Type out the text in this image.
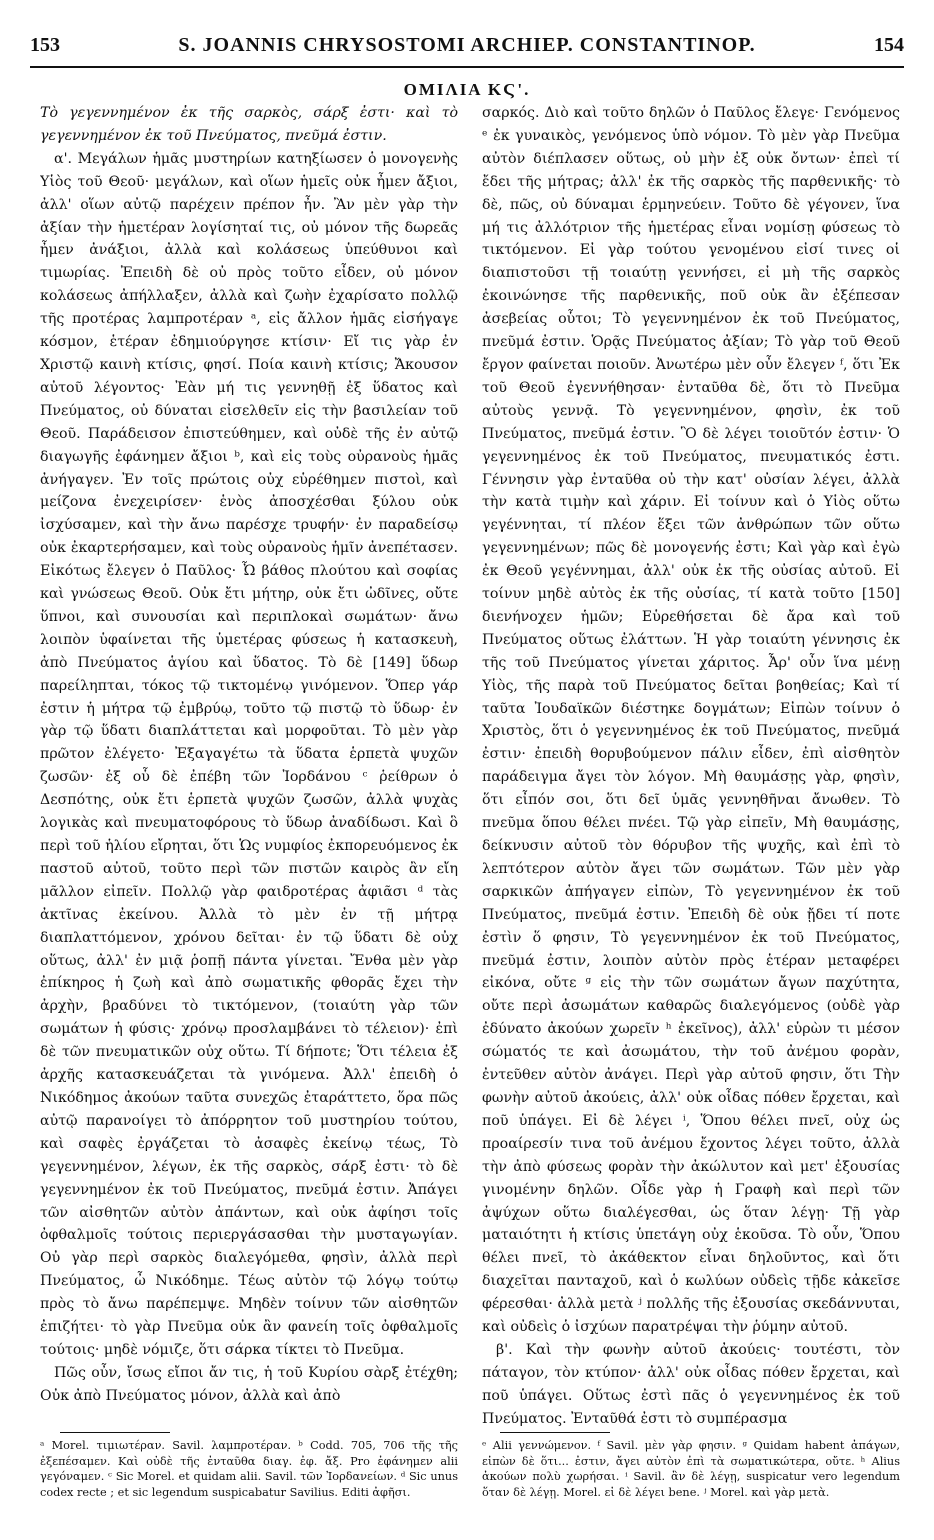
153	S. JOANNIS CHRYSOSTOMI ARCHIEP. CONSTANTINOP.	154
ΟΜΙΛΙΑ ΚϚ'.

Τὸ γεγεννημένον ἐκ τῆς σαρκὸς, σάρξ ἐστι· καὶ τὸ γεγεννημένον ἐκ τοῦ Πνεύματος, πνεῦμά ἐστιν.

α'. Μεγάλων ἡμᾶς μυστηρίων κατηξίωσεν ὁ μονογενὴς Υἱὸς τοῦ Θεοῦ· μεγάλων, καὶ οἵων ἡμεῖς οὐκ ἦμεν ἄξιοι, ἀλλ' οἵων αὐτῷ παρέχειν πρέπον ἦν. Ἂν μὲν γὰρ τὴν ἀξίαν τὴν ἡμετέραν λογίσηταί τις, οὐ μόνον τῆς δωρεᾶς ἦμεν ἀνάξιοι, ἀλλὰ καὶ κολάσεως ὑπεύθυνοι καὶ τιμωρίας. Ἐπειδὴ δὲ οὐ πρὸς τοῦτο εἶδεν, οὐ μόνον κολάσεως ἀπήλλαξεν, ἀλλὰ καὶ ζωὴν ἐχαρίσατο πολλῷ τῆς προτέρας λαμπροτέραν ᵃ, εἰς ἄλλον ἡμᾶς εἰσήγαγε κόσμον, ἑτέραν ἐδημιούργησε κτίσιν· Εἴ τις γὰρ ἐν Χριστῷ καινὴ κτίσις, φησί. Ποία καινὴ κτίσις; Ἄκουσον αὐτοῦ λέγοντος· Ἐὰν μή τις γεννηθῇ ἐξ ὕδατος καὶ Πνεύματος, οὐ δύναται εἰσελθεῖν εἰς τὴν βασιλείαν τοῦ Θεοῦ. Παράδεισον ἐπιστεύθημεν, καὶ οὐδὲ τῆς ἐν αὐτῷ διαγωγῆς ἐφάνημεν ἄξιοι ᵇ, καὶ εἰς τοὺς οὐρανοὺς ἡμᾶς ἀνήγαγεν. Ἐν τοῖς πρώτοις οὐχ εὑρέθημεν πιστοὶ, καὶ μείζονα ἐνεχειρίσεν· ἑνὸς ἀποσχέσθαι ξύλου οὐκ ἰσχύσαμεν, καὶ τὴν ἄνω παρέσχε τρυφήν· ἐν παραδείσῳ οὐκ ἐκαρτερήσαμεν, καὶ τοὺς οὐρανοὺς ἡμῖν ἀνεπέτασεν. Εἰκότως ἔλεγεν ὁ Παῦλος· Ὦ βάθος πλούτου καὶ σοφίας καὶ γνώσεως Θεοῦ. Οὐκ ἔτι μήτηρ, οὐκ ἔτι ὠδῖνες, οὔτε ὕπνοι, καὶ συνουσίαι καὶ περιπλοκαὶ σωμάτων· ἄνω λοιπὸν ὑφαίνεται τῆς ὑμετέρας φύσεως ἡ κατασκευὴ, ἀπὸ Πνεύματος ἁγίου καὶ ὕδατος. Τὸ δὲ [149] ὕδωρ παρείληπται, τόκος τῷ τικτομένῳ γινόμενον. Ὅπερ γάρ ἐστιν ἡ μήτρα τῷ ἐμβρύῳ, τοῦτο τῷ πιστῷ τὸ ὕδωρ· ἐν γὰρ τῷ ὕδατι διαπλάττεται καὶ μορφοῦται. Τὸ μὲν γὰρ πρῶτον ἐλέγετο· Ἐξαγαγέτω τὰ ὕδατα ἑρπετὰ ψυχῶν ζωσῶν· ἐξ οὗ δὲ ἐπέβη τῶν Ἰορδάνου ᶜ ῥείθρων ὁ Δεσπότης, οὐκ ἔτι ἑρπετὰ ψυχῶν ζωσῶν, ἀλλὰ ψυχὰς λογικὰς καὶ πνευματοφόρους τὸ ὕδωρ ἀναδίδωσι. Καὶ ὃ περὶ τοῦ ἡλίου εἴρηται, ὅτι Ὡς νυμφίος ἐκπορευόμενος ἐκ παστοῦ αὐτοῦ, τοῦτο περὶ τῶν πιστῶν καιρὸς ἂν εἴη μᾶλλον εἰπεῖν. Πολλῷ γὰρ φαιδροτέρας ἀφιᾶσι ᵈ τὰς ἀκτῖνας ἐκείνου. Ἀλλὰ τὸ μὲν ἐν τῇ μήτρᾳ διαπλαττόμενον, χρόνου δεῖται· ἐν τῷ ὕδατι δὲ οὐχ οὕτως, ἀλλ' ἐν μιᾷ ῥοπῇ πάντα γίνεται. Ἔνθα μὲν γὰρ ἐπίκηρος ἡ ζωὴ καὶ ἀπὸ σωματικῆς φθορᾶς ἔχει τὴν ἀρχὴν, βραδύνει τὸ τικτόμενον, (τοιαύτη γὰρ τῶν σωμάτων ἡ φύσις· χρόνῳ προσλαμβάνει τὸ τέλειον)· ἐπὶ δὲ τῶν πνευματικῶν οὐχ οὕτω. Τί δήποτε; Ὅτι τέλεια ἐξ ἀρχῆς κατασκευάζεται τὰ γινόμενα. Ἀλλ' ἐπειδὴ ὁ Νικόδημος ἀκούων ταῦτα συνεχῶς ἐταράττετο, ὅρα πῶς αὐτῷ παρανοίγει τὸ ἀπόρρητον τοῦ μυστηρίου τούτου, καὶ σαφὲς ἐργάζεται τὸ ἀσαφὲς ἐκείνῳ τέως, Τὸ γεγεννημένον, λέγων, ἐκ τῆς σαρκὸς, σάρξ ἐστι· τὸ δὲ γεγεννημένον ἐκ τοῦ Πνεύματος, πνεῦμά ἐστιν. Ἀπάγει τῶν αἰσθητῶν αὐτὸν ἀπάντων, καὶ οὐκ ἀφίησι τοῖς ὀφθαλμοῖς τούτοις περιεργάσασθαι τὴν μυσταγωγίαν. Οὐ γὰρ περὶ σαρκὸς διαλεγόμεθα, φησὶν, ἀλλὰ περὶ Πνεύματος, ὦ Νικόδημε. Τέως αὐτὸν τῷ λόγῳ τούτῳ πρὸς τὸ ἄνω παρέπεμψε. Μηδὲν τοίνυν τῶν αἰσθητῶν ἐπιζήτει· τὸ γὰρ Πνεῦμα οὐκ ἂν φανείη τοῖς ὀφθαλμοῖς τούτοις· μηδὲ νόμιζε, ὅτι σάρκα τίκτει τὸ Πνεῦμα.

Πῶς οὖν, ἴσως εἴποι ἄν τις, ἡ τοῦ Κυρίου σὰρξ ἐτέχθη; Οὐκ ἀπὸ Πνεύματος μόνον, ἀλλὰ καὶ ἀπὸ

σαρκός. Διὸ καὶ τοῦτο δηλῶν ὁ Παῦλος ἔλεγε· Γενόμενος ᵉ ἐκ γυναικὸς, γενόμενος ὑπὸ νόμον. Τὸ μὲν γὰρ Πνεῦμα αὐτὸν διέπλασεν οὕτως, οὐ μὴν ἐξ οὐκ ὄντων· ἐπεὶ τί ἔδει τῆς μήτρας; ἀλλ' ἐκ τῆς σαρκὸς τῆς παρθενικῆς· τὸ δὲ, πῶς, οὐ δύναμαι ἑρμηνεύειν. Τοῦτο δὲ γέγονεν, ἵνα μή τις ἀλλότριον τῆς ἡμετέρας εἶναι νομίσῃ φύσεως τὸ τικτόμενον. Εἰ γὰρ τούτου γενομένου εἰσί τινες οἱ διαπιστοῦσι τῇ τοιαύτῃ γεννήσει, εἰ μὴ τῆς σαρκὸς ἐκοινώνησε τῆς παρθενικῆς, ποῦ οὐκ ἂν ἐξέπεσαν ἀσεβείας οὗτοι; Τὸ γεγεννημένον ἐκ τοῦ Πνεύματος, πνεῦμά ἐστιν. Ὁρᾷς Πνεύματος ἀξίαν; Τὸ γὰρ τοῦ Θεοῦ ἔργον φαίνεται ποιοῦν. Ἀνωτέρω μὲν οὖν ἔλεγεν ᶠ, ὅτι Ἐκ τοῦ Θεοῦ ἐγεννήθησαν· ἐνταῦθα δὲ, ὅτι τὸ Πνεῦμα αὐτοὺς γεννᾷ. Τὸ γεγεννημένον, φησὶν, ἐκ τοῦ Πνεύματος, πνεῦμά ἐστιν. Ὃ δὲ λέγει τοιοῦτόν ἐστιν· Ὁ γεγεννημένος ἐκ τοῦ Πνεύματος, πνευματικός ἐστι. Γέννησιν γὰρ ἐνταῦθα οὐ τὴν κατ' οὐσίαν λέγει, ἀλλὰ τὴν κατὰ τιμὴν καὶ χάριν. Εἰ τοίνυν καὶ ὁ Υἱὸς οὕτω γεγέννηται, τί πλέον ἕξει τῶν ἀνθρώπων τῶν οὕτω γεγεννημένων; πῶς δὲ μονογενής ἐστι; Καὶ γὰρ καὶ ἐγὼ ἐκ Θεοῦ γεγέννημαι, ἀλλ' οὐκ ἐκ τῆς οὐσίας αὐτοῦ. Εἰ τοίνυν μηδὲ αὐτὸς ἐκ τῆς οὐσίας, τί κατὰ τοῦτο [150] διενήνοχεν ἡμῶν; Εὑρεθήσεται δὲ ἄρα καὶ τοῦ Πνεύματος οὕτως ἐλάττων. Ἡ γὰρ τοιαύτη γέννησις ἐκ τῆς τοῦ Πνεύματος γίνεται χάριτος. Ἆρ' οὖν ἵνα μένῃ Υἱὸς, τῆς παρὰ τοῦ Πνεύματος δεῖται βοηθείας; Καὶ τί ταῦτα Ἰουδαϊκῶν διέστηκε δογμάτων; Εἰπὼν τοίνυν ὁ Χριστὸς, ὅτι ὁ γεγεννημένος ἐκ τοῦ Πνεύματος, πνεῦμά ἐστιν· ἐπειδὴ θορυβούμενον πάλιν εἶδεν, ἐπὶ αἰσθητὸν παράδειγμα ἄγει τὸν λόγον. Μὴ θαυμάσῃς γὰρ, φησὶν, ὅτι εἶπόν σοι, ὅτι δεῖ ὑμᾶς γεννηθῆναι ἄνωθεν. Τὸ πνεῦμα ὅπου θέλει πνέει. Τῷ γὰρ εἰπεῖν, Μὴ θαυμάσῃς, δείκνυσιν αὐτοῦ τὸν θόρυβον τῆς ψυχῆς, καὶ ἐπὶ τὸ λεπτότερον αὐτὸν ἄγει τῶν σωμάτων. Τῶν μὲν γὰρ σαρκικῶν ἀπήγαγεν εἰπὼν, Τὸ γεγεννημένον ἐκ τοῦ Πνεύματος, πνεῦμά ἐστιν. Ἐπειδὴ δὲ οὐκ ᾔδει τί ποτε ἐστὶν ὅ φησιν, Τὸ γεγεννημένον ἐκ τοῦ Πνεύματος, πνεῦμά ἐστιν, λοιπὸν αὐτὸν πρὸς ἑτέραν μεταφέρει εἰκόνα, οὔτε ᵍ εἰς τὴν τῶν σωμάτων ἄγων παχύτητα, οὔτε περὶ ἀσωμάτων καθαρῶς διαλεγόμενος (οὐδὲ γὰρ ἐδύνατο ἀκούων χωρεῖν ʰ ἐκεῖνος), ἀλλ' εὑρὼν τι μέσον σώματός τε καὶ ἀσωμάτου, τὴν τοῦ ἀνέμου φορὰν, ἐντεῦθεν αὐτὸν ἀνάγει. Περὶ γὰρ αὐτοῦ φησιν, ὅτι Τὴν φωνὴν αὐτοῦ ἀκούεις, ἀλλ' οὐκ οἶδας πόθεν ἔρχεται, καὶ ποῦ ὑπάγει. Εἰ δὲ λέγει ⁱ, Ὅπου θέλει πνεῖ, οὐχ ὡς προαίρεσίν τινα τοῦ ἀνέμου ἔχοντος λέγει τοῦτο, ἀλλὰ τὴν ἀπὸ φύσεως φορὰν τὴν ἀκώλυτον καὶ μετ' ἐξουσίας γινομένην δηλῶν. Οἶδε γὰρ ἡ Γραφὴ καὶ περὶ τῶν ἀψύχων οὕτω διαλέγεσθαι, ὡς ὅταν λέγῃ· Τῇ γὰρ ματαιότητι ἡ κτίσις ὑπετάγη οὐχ ἑκοῦσα. Τὸ οὖν, Ὅπου θέλει πνεῖ, τὸ ἀκάθεκτον εἶναι δηλοῦντος, καὶ ὅτι διαχεῖται πανταχοῦ, καὶ ὁ κωλύων οὐδεὶς τῇδε κἀκεῖσε φέρεσθαι· ἀλλὰ μετὰ ʲ πολλῆς τῆς ἐξουσίας σκεδάννυται, καὶ οὐδεὶς ὁ ἰσχύων παρατρέψαι τὴν ῥύμην αὐτοῦ.

β'. Καὶ τὴν φωνὴν αὐτοῦ ἀκούεις· τουτέστι, τὸν πάταγον, τὸν κτύπον· ἀλλ' οὐκ οἶδας πόθεν ἔρχεται, καὶ ποῦ ὑπάγει. Οὕτως ἐστὶ πᾶς ὁ γεγεννημένος ἐκ τοῦ Πνεύματος. Ἐνταῦθά ἐστι τὸ συμπέρασμα

ᵃ Morel. τιμιωτέραν. Savil. λαμπροτέραν. ᵇ Codd. 705, 706 τῆς τῆς ἐξεπέσαμεν. Καὶ οὐδὲ τῆς ἐνταῦθα διαγ. ἐφ. ἄξ. Pro ἐφάνημεν alii γεγόναμεν. ᶜ Sic Morel. et quidam alii. Savil. τῶν Ἰορδανείων. ᵈ Sic unus codex recte ; et sic legendum suspicabatur Savilius. Editi ἀφῆσι.
ᵉ Alii γεννώμενον. ᶠ Savil. μὲν γὰρ φησιν. ᵍ Quidam habent ἀπάγων, εἰπὼν δὲ ὅτι... ἐστιν, ἄγει αὐτὸν ἐπὶ τὰ σωματικώτερα, οὔτε. ʰ Alius ἀκούων πολὺ χωρήσαι. ⁱ Savil. ἂν δὲ λέγῃ, suspicatur vero legendum ὅταν δὲ λέγῃ. Morel. εἰ δὲ λέγει bene. ʲ Morel. καὶ γὰρ μετὰ.
